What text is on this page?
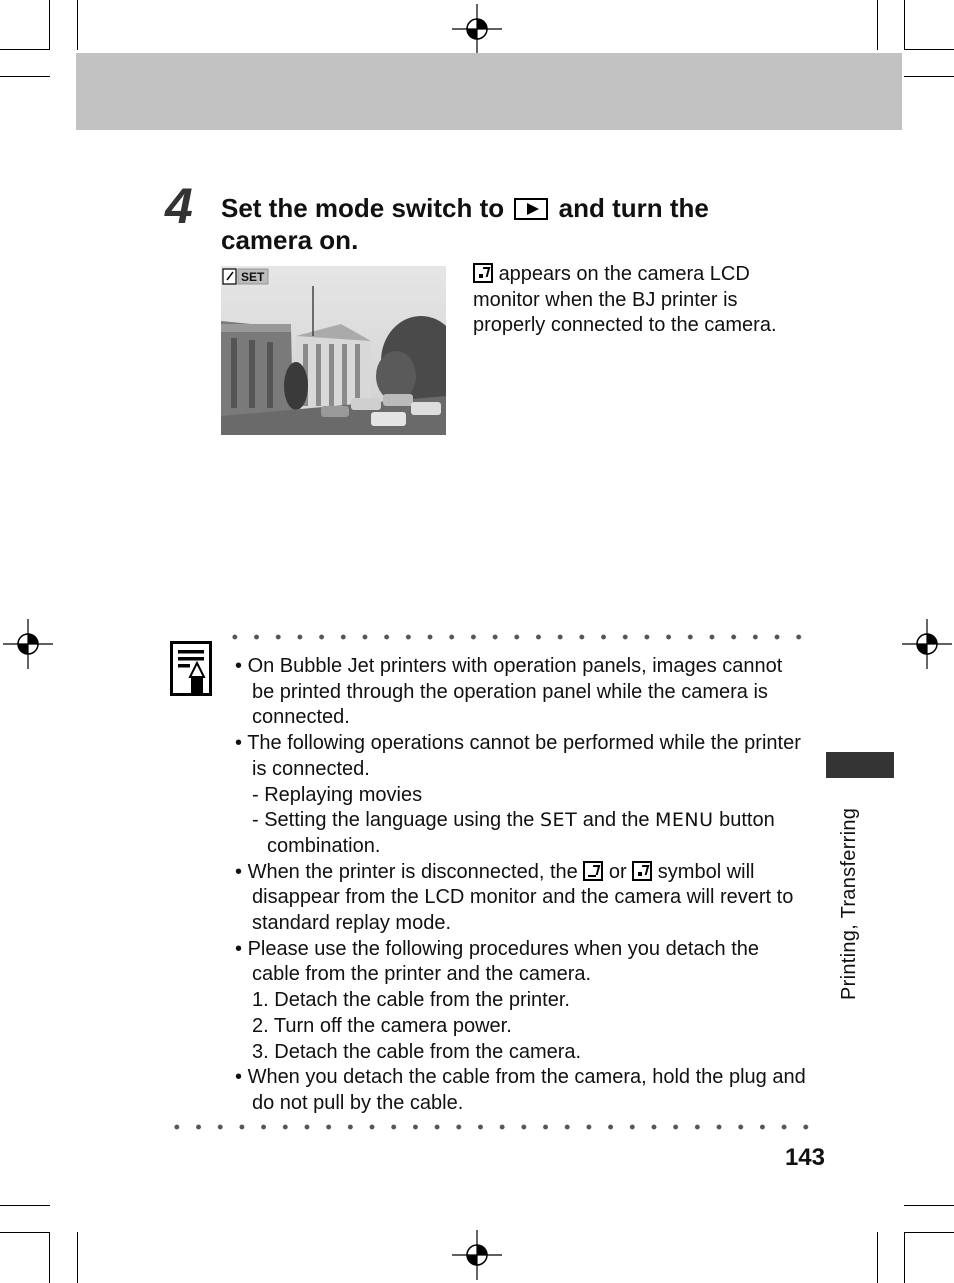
4	Set the mode switch to and turn the camera on.
SET	appears on the camera LCD monitor when the BJ printer is properly connected to the camera.
• On Bubble Jet printers with operation panels, images cannot be printed through the operation panel while the camera is connected.
• The following operations cannot be performed while the printer is connected.
- Replaying movies
- Setting the language using the SET and the MENU button combination.
• When the printer is disconnected, the or symbol will disappear from the LCD monitor and the camera will revert to standard replay mode.
• Please use the following procedures when you detach the cable from the printer and the camera.
1. Detach the cable from the printer.
2. Turn off the camera power.
3. Detach the cable from the camera.
• When you detach the cable from the camera, hold the plug and do not pull by the cable.
Printing, Transferring
143
